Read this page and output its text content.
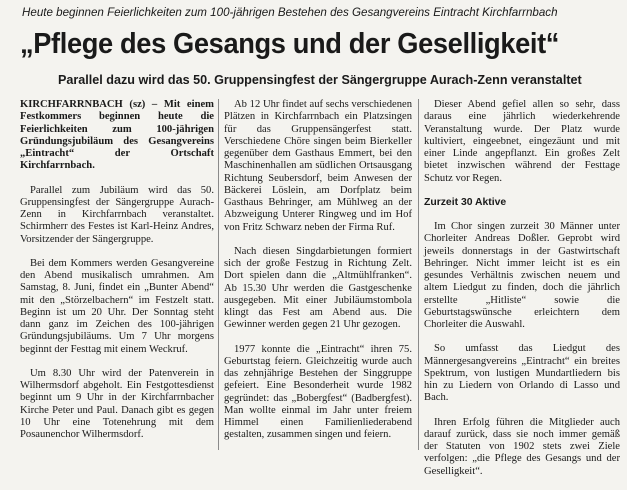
Heute beginnen Feierlichkeiten zum 100-jährigen Bestehen des Gesangvereins Eintracht Kirchfarrnbach
„Pflege des Gesangs und der Geselligkeit“
Parallel dazu wird das 50. Gruppensingfest der Sängergruppe Aurach-Zenn veranstaltet

KIRCHFARRNBACH (sz) – Mit einem Festkommers beginnen heute die Feierlichkeiten zum 100-jährigen Gründungsjubiläum des Gesangvereins „Eintracht“ der Ortschaft Kirchfarrnbach.

Parallel zum Jubiläum wird das 50. Gruppensingfest der Sängergruppe Aurach-Zenn in Kirchfarrnbach veranstaltet. Schirmherr des Festes ist Karl-Heinz Andres, Vorsitzender der Sängergruppe.

Bei dem Kommers werden Gesangvereine den Abend musikalisch umrahmen. Am Samstag, 8. Juni, findet ein „Bunter Abend“ mit den „Störzelbachern“ im Festzelt statt. Beginn ist um 20 Uhr. Der Sonntag steht dann ganz im Zeichen des 100-jährigen Gründungsjubiläums. Um 7 Uhr morgens beginnt der Festtag mit einem Weckruf.

Um 8.30 Uhr wird der Patenverein in Wilhermsdorf abgeholt. Ein Festgottesdienst beginnt um 9 Uhr in der Kirchfarrnbacher Kirche Peter und Paul. Danach gibt es gegen 10 Uhr eine Totenehrung mit dem Posaunenchor Wilhermsdorf.

Ab 12 Uhr findet auf sechs verschiedenen Plätzen in Kirchfarrnbach ein Platzsingen für das Gruppensängerfest statt. Verschiedene Chöre singen beim Bierkeller gegenüber dem Gasthaus Emmert, bei den Maschinenhallen am südlichen Ortsausgang Richtung Seubersdorf, beim Anwesen der Bäckerei Löslein, am Dorfplatz beim Gasthaus Behringer, am Mühlweg an der Abzweigung Unterer Ringweg und im Hof von Fritz Schwarz neben der Firma Ruf.

Nach diesen Singdarbietungen formiert sich der große Festzug in Richtung Zelt. Dort spielen dann die „Altmühlfranken“. Ab 15.30 Uhr werden die Gastgeschenke ausgegeben. Mit einer Jubiläumstombola klingt das Fest am Abend aus. Die Gewinner werden gegen 21 Uhr gezogen.

1977 konnte die „Eintracht“ ihren 75. Geburtstag feiern. Gleichzeitig wurde auch das zehnjährige Bestehen der Singgruppe gefeiert. Eine Besonderheit wurde 1982 gegründet: das „Bobergfest“ (Badbergfest). Man wollte einmal im Jahr unter freiem Himmel einen Familienliederabend gestalten, zusammen singen und feiern.

Dieser Abend gefiel allen so sehr, dass daraus eine jährlich wiederkehrende Veranstaltung wurde. Der Platz wurde kultiviert, eingeebnet, eingezäunt und mit einer Linde angepflanzt. Ein großes Zelt bietet inzwischen während der Festtage Schutz vor Regen.

Zurzeit 30 Aktive

Im Chor singen zurzeit 30 Männer unter Chorleiter Andreas Doßler. Geprobt wird jeweils donnerstags in der Gastwirtschaft Behringer. Nicht immer leicht ist es ein gesundes Verhältnis zwischen neuem und altem Liedgut zu finden, doch die jährlich erstellte „Hitliste“ sowie die Geburtstagswünsche erleichtern dem Chorleiter die Auswahl.

So umfasst das Liedgut des Männergesangvereins „Eintracht“ ein breites Spektrum, von lustigen Mundartliedern bis hin zu Liedern von Orlando di Lasso und Bach.

Ihren Erfolg führen die Mitglieder auch darauf zurück, dass sie noch immer gemäß der Statuten von 1902 stets zwei Ziele verfolgen: „die Pflege des Gesangs und der Geselligkeit“.
